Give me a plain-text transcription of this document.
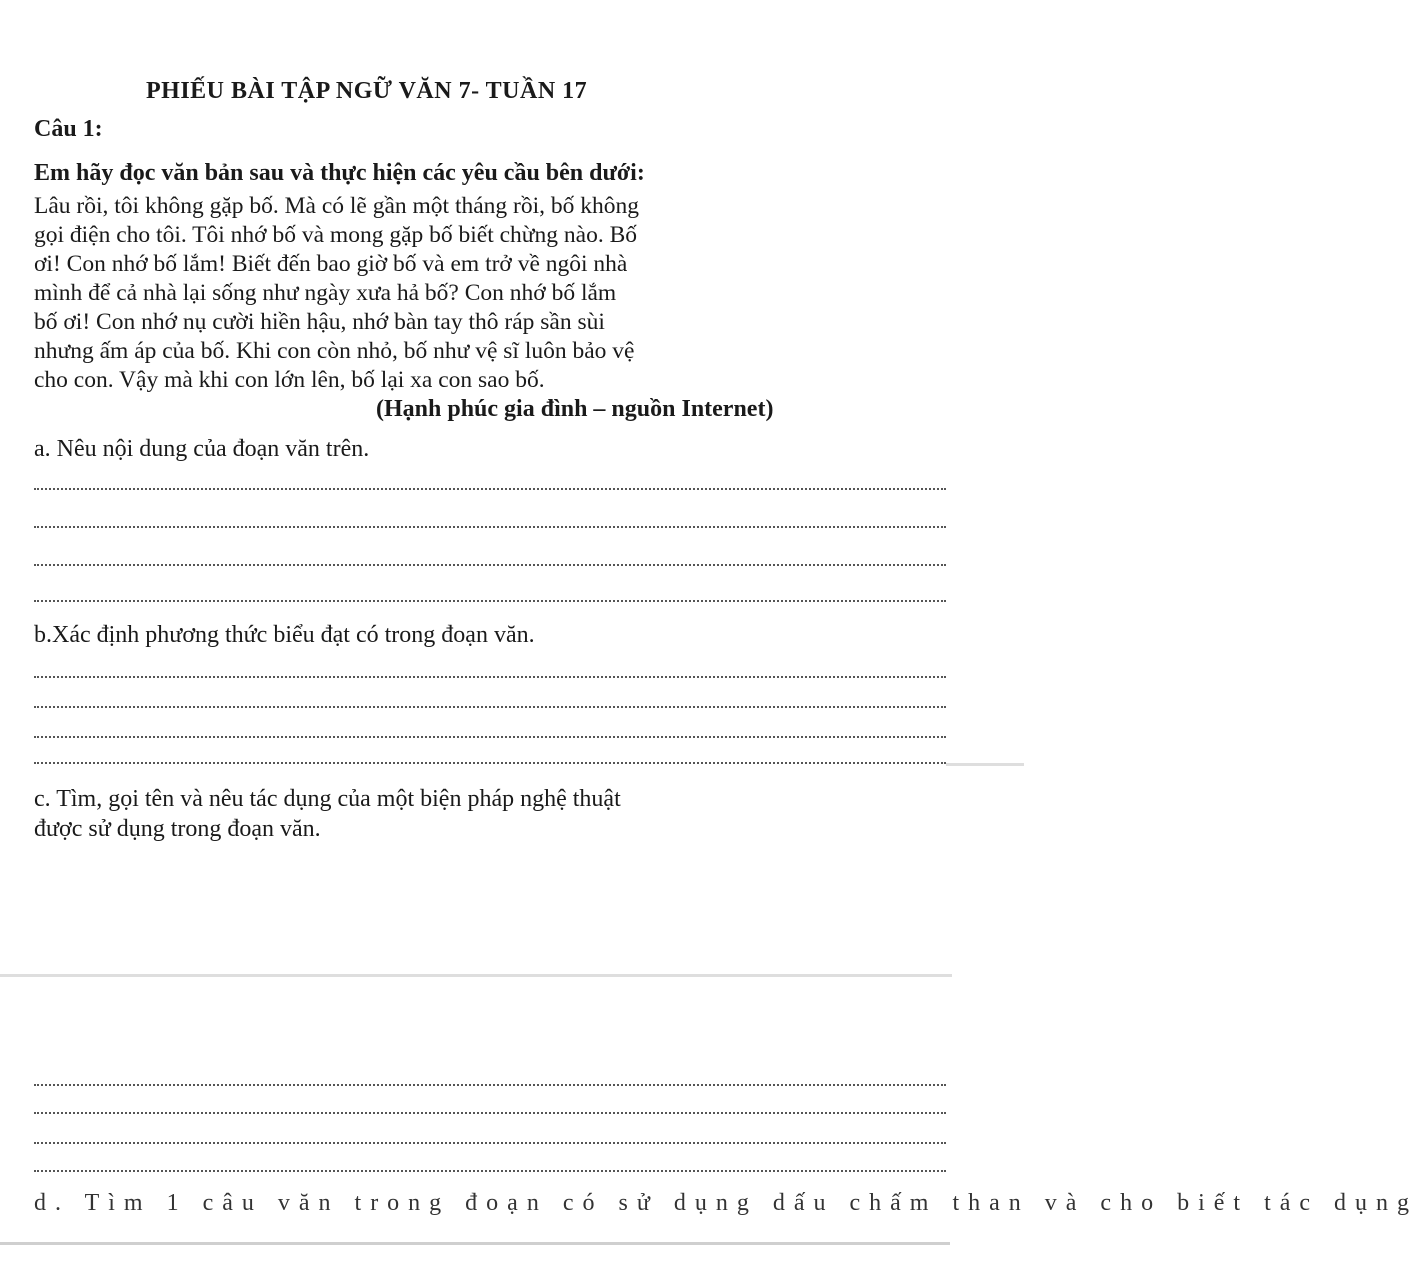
PHIẾU BÀI TẬP NGỮ VĂN 7- TUẦN 17
Câu 1:
Em hãy đọc văn bản sau và thực hiện các yêu cầu bên dưới:
Lâu rồi, tôi không gặp bố. Mà có lẽ gần một tháng rồi, bố không
gọi điện cho tôi. Tôi nhớ bố và mong gặp bố biết chừng nào. Bố
ơi! Con nhớ bố lắm! Biết đến bao giờ bố và em trở về ngôi nhà
mình để cả nhà lại sống như ngày xưa hả bố? Con nhớ bố lắm
bố ơi! Con nhớ nụ cười hiền hậu, nhớ bàn tay thô ráp sần sùi
nhưng ấm áp của bố. Khi con còn nhỏ, bố như vệ sĩ luôn bảo vệ
cho con. Vậy mà khi con lớn lên, bố lại xa con sao bố.
(Hạnh phúc gia đình – nguồn Internet)
a. Nêu nội dung của đoạn văn trên.
b.Xác định phương thức biểu đạt có trong đoạn văn.
c. Tìm, gọi tên và nêu tác dụng của một biện pháp nghệ thuật
được sử dụng trong đoạn văn.
d. Tìm 1 câu văn trong đoạn có sử dụng dấu chấm than và cho biết tác dụng
